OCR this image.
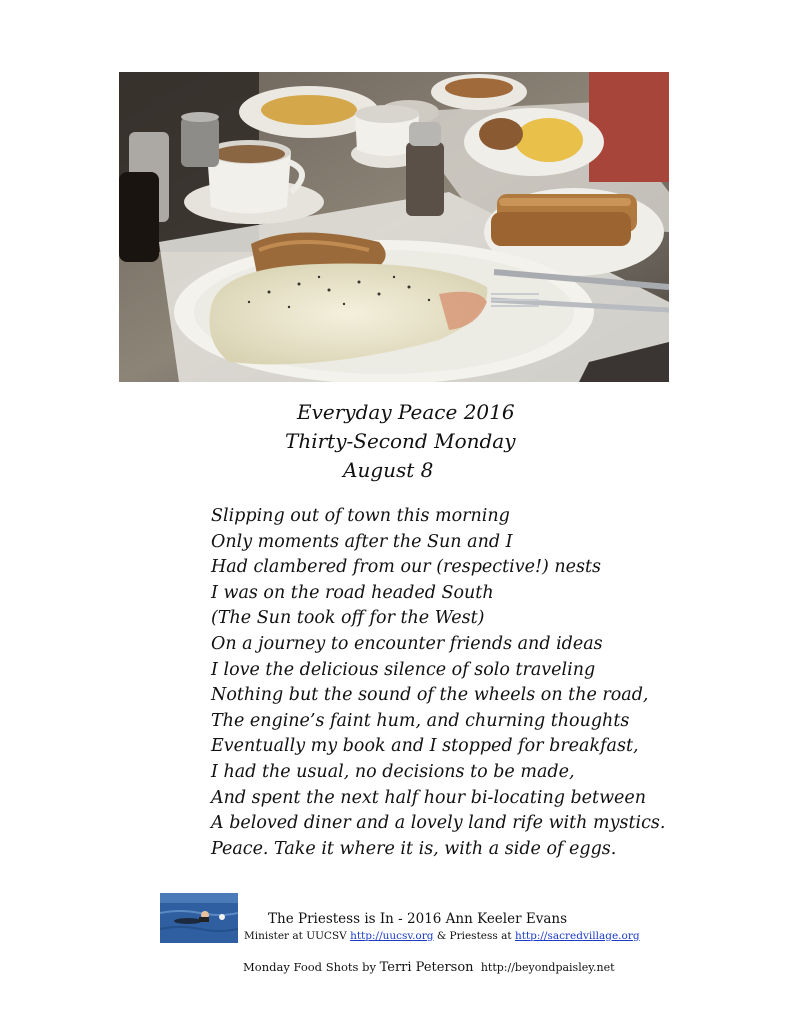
Everyday Peace 2016
Thirty-Second Monday
August 8
Slipping out of town this morning
Only moments after the Sun and I
Had clambered from our (respective!) nests
I was on the road headed South
(The Sun took off for the West)
On a journey to encounter friends and ideas
I love the delicious silence of solo traveling
Nothing but the sound of the wheels on the road,
The engine’s faint hum, and churning thoughts
Eventually my book and I stopped for breakfast,
I had the usual, no decisions to be made,
And spent the next half hour bi-locating between
A beloved diner and a lovely land rife with mystics.
Peace. Take it where it is, with a side of eggs.
The Priestess is In - 2016 Ann Keeler Evans
Minister at UUCSV http://uucsv.org & Priestess at http://sacredvillage.org
Monday Food Shots by Terri Peterson http://beyondpaisley.net
